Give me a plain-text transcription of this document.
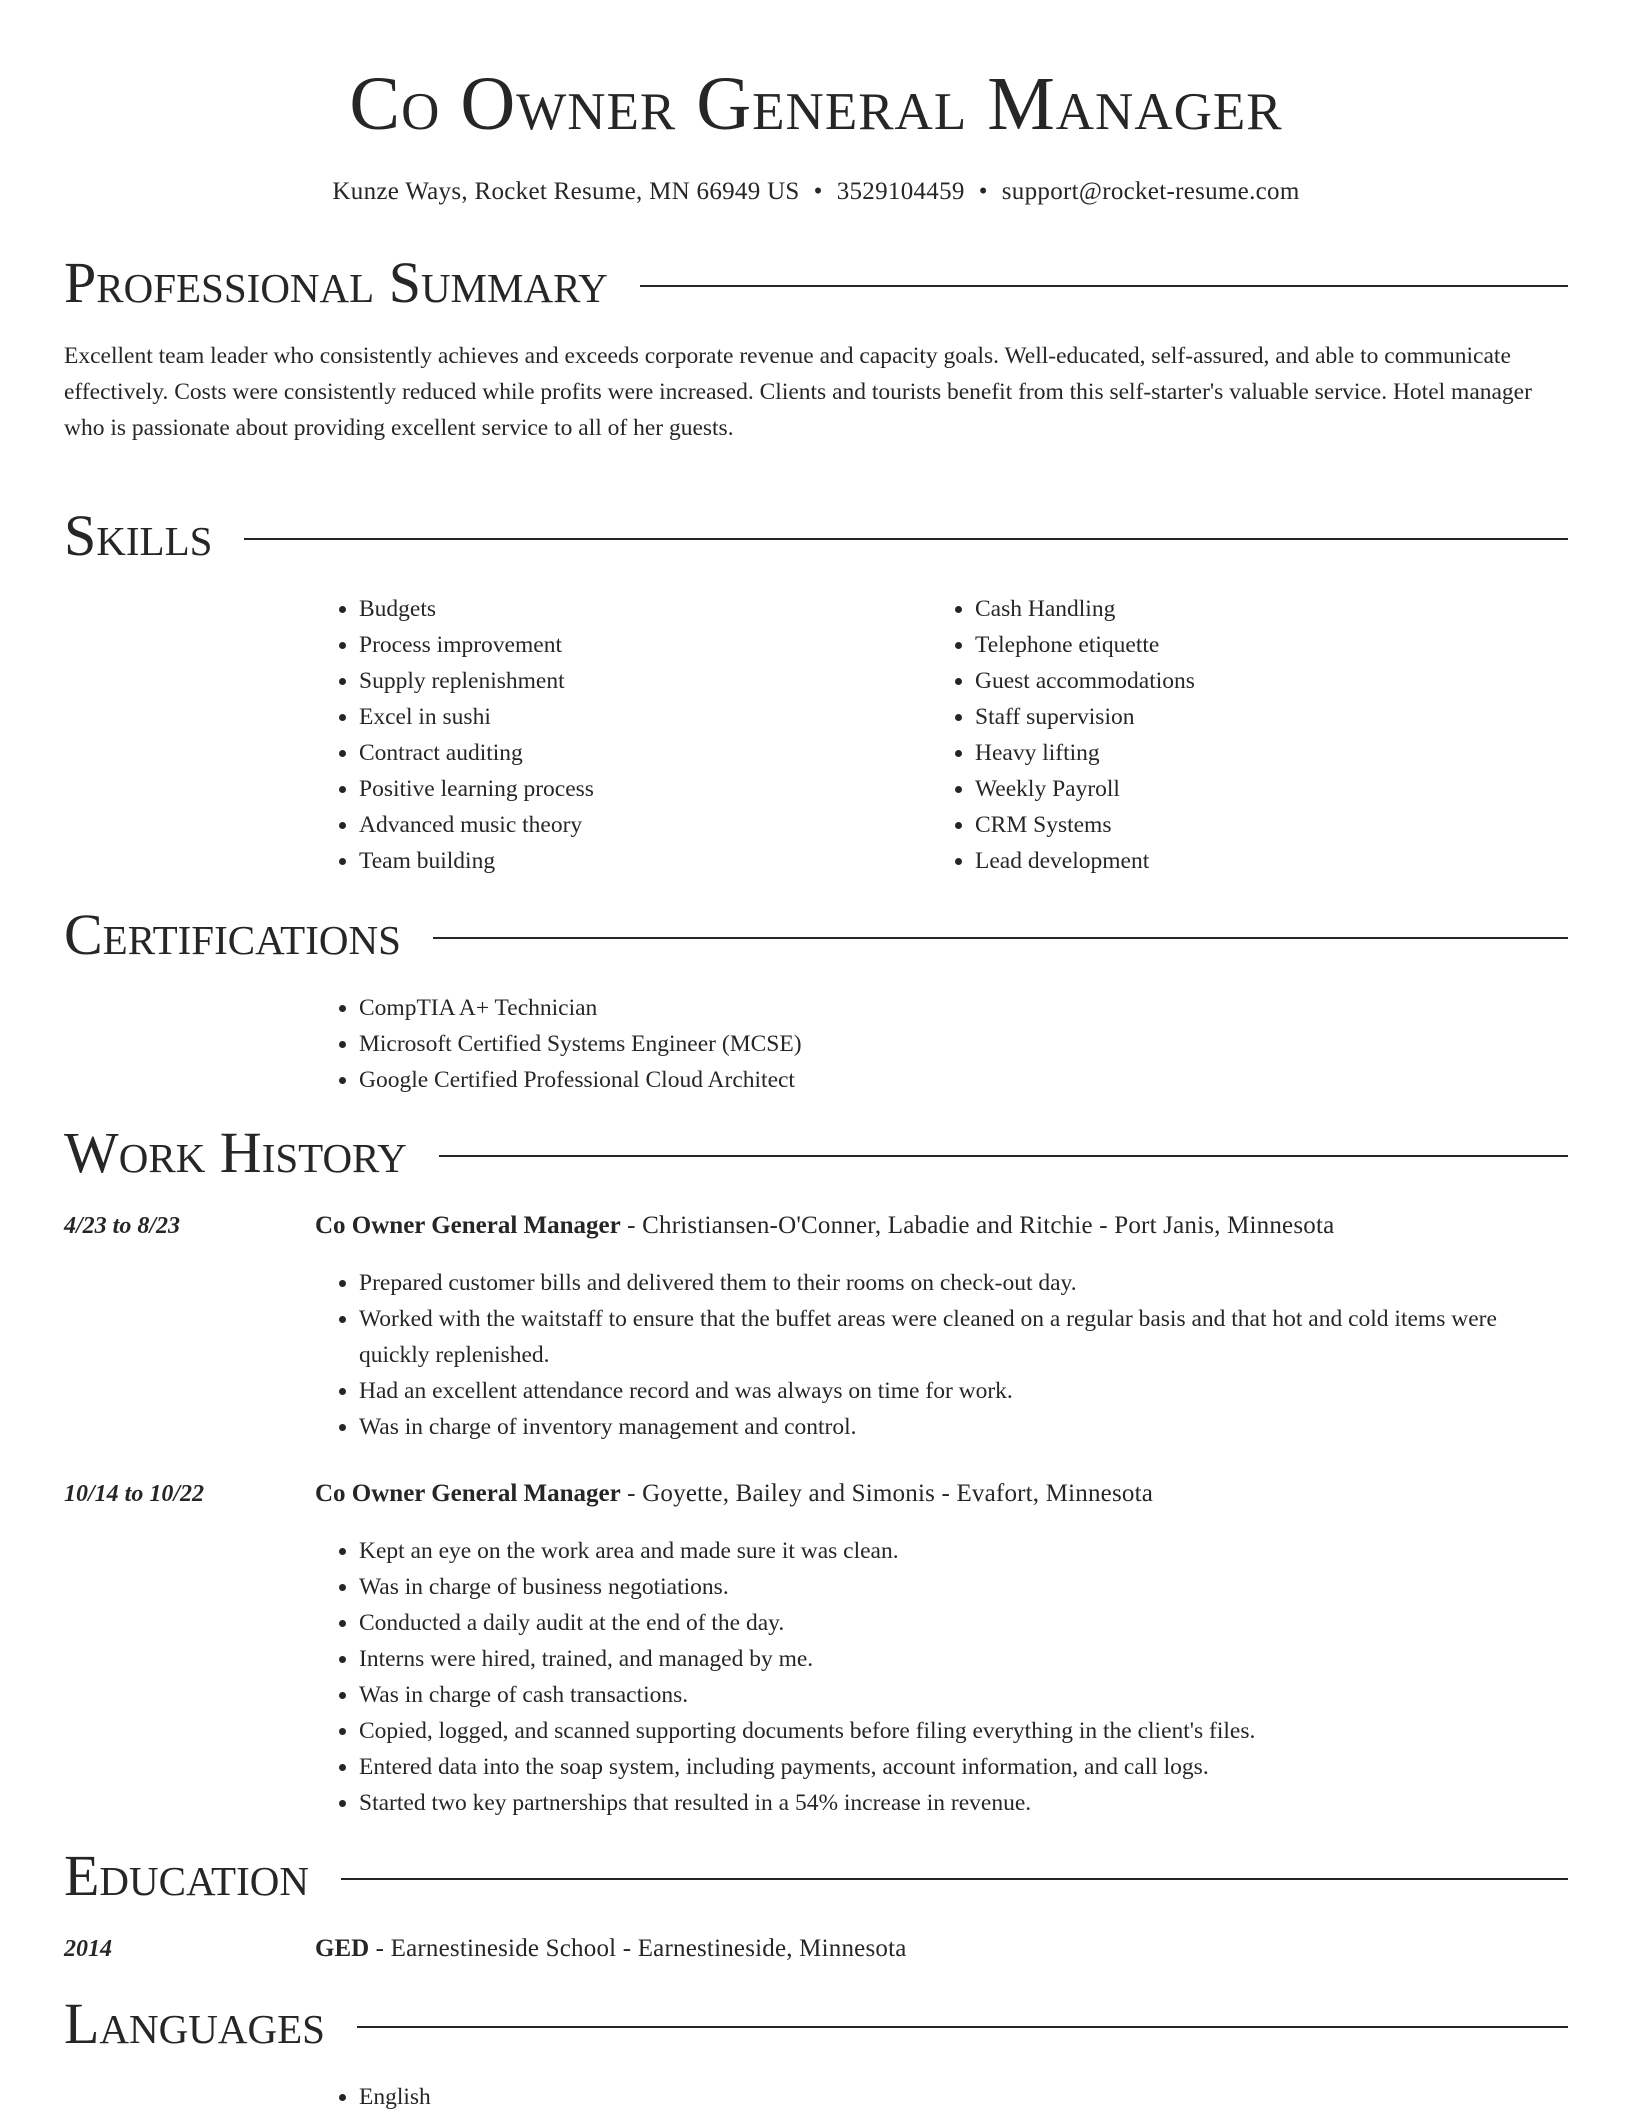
Co Owner General Manager
Kunze Ways, Rocket Resume, MN 66949 US • 3529104459 • support@rocket-resume.com
Professional Summary

Excellent team leader who consistently achieves and exceeds corporate revenue and capacity goals. Well-educated, self-assured, and able to communicate effectively. Costs were consistently reduced while profits were increased. Clients and tourists benefit from this self-starter's valuable service. Hotel manager who is passionate about providing excellent service to all of her guests.

Skills
• Budgets
• Process improvement
• Supply replenishment
• Excel in sushi
• Contract auditing
• Positive learning process
• Advanced music theory
• Team building
• Cash Handling
• Telephone etiquette
• Guest accommodations
• Staff supervision
• Heavy lifting
• Weekly Payroll
• CRM Systems
• Lead development
Certifications
• CompTIA A+ Technician
• Microsoft Certified Systems Engineer (MCSE)
• Google Certified Professional Cloud Architect
Work History
4/23 to 8/23	Co Owner General Manager - Christiansen-O'Conner, Labadie and Ritchie - Port Janis, Minnesota
• Prepared customer bills and delivered them to their rooms on check-out day.
• Worked with the waitstaff to ensure that the buffet areas were cleaned on a regular basis and that hot and cold items were quickly replenished.
• Had an excellent attendance record and was always on time for work.
• Was in charge of inventory management and control.
10/14 to 10/22	Co Owner General Manager - Goyette, Bailey and Simonis - Evafort, Minnesota
• Kept an eye on the work area and made sure it was clean.
• Was in charge of business negotiations.
• Conducted a daily audit at the end of the day.
• Interns were hired, trained, and managed by me.
• Was in charge of cash transactions.
• Copied, logged, and scanned supporting documents before filing everything in the client's files.
• Entered data into the soap system, including payments, account information, and call logs.
• Started two key partnerships that resulted in a 54% increase in revenue.
Education
2014	GED - Earnestineside School - Earnestineside, Minnesota
Languages
• English
